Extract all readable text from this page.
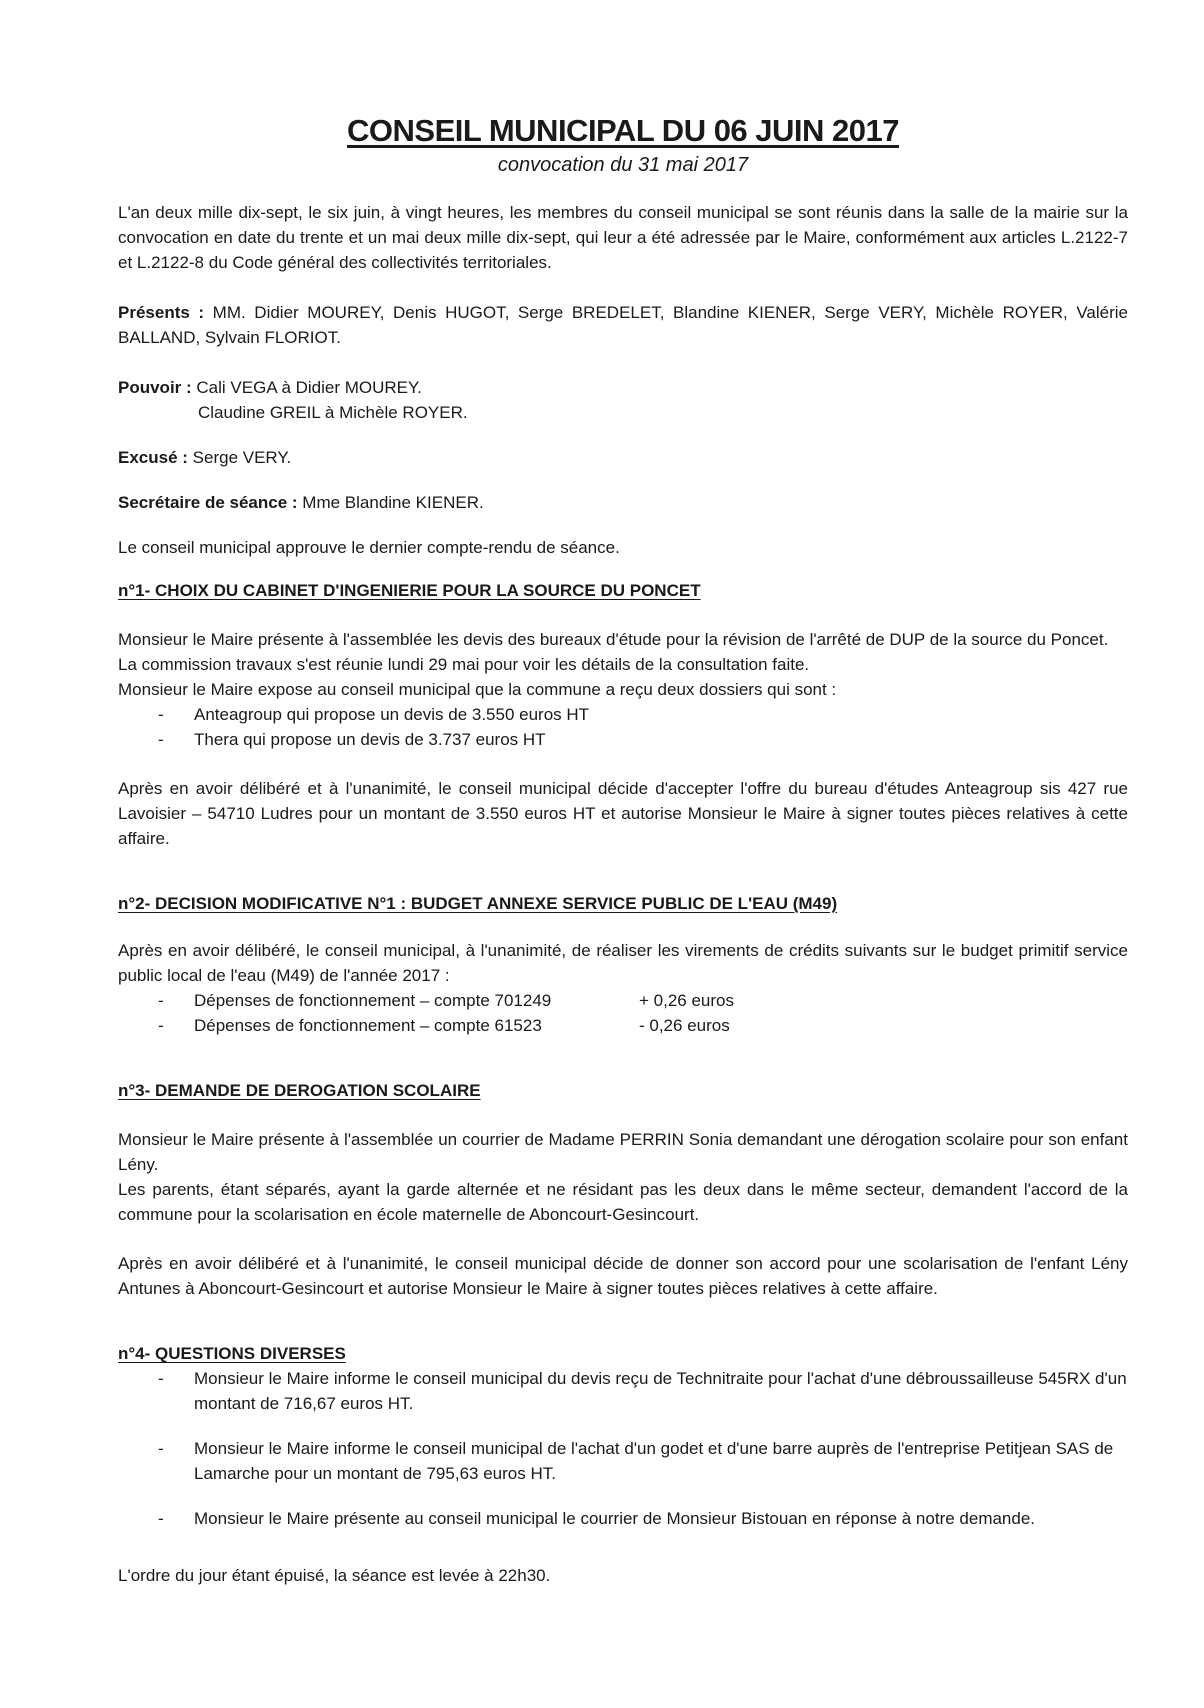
CONSEIL MUNICIPAL DU 06 JUIN 2017
convocation du 31 mai 2017

L'an deux mille dix-sept, le six juin, à vingt heures, les membres du conseil municipal se sont réunis dans la salle de la mairie sur la convocation en date du trente et un mai deux mille dix-sept, qui leur a été adressée par le Maire, conformément aux articles L.2122-7 et L.2122-8 du Code général des collectivités territoriales.

Présents : MM. Didier MOUREY, Denis HUGOT, Serge BREDELET, Blandine KIENER, Serge VERY, Michèle ROYER, Valérie BALLAND, Sylvain FLORIOT.

Pouvoir : Cali VEGA à Didier MOUREY.
Claudine GREIL à Michèle ROYER.

Excusé : Serge VERY.

Secrétaire de séance : Mme Blandine KIENER.

Le conseil municipal approuve le dernier compte-rendu de séance.

n°1- CHOIX DU CABINET D'INGENIERIE POUR LA SOURCE DU PONCET

Monsieur le Maire présente à l'assemblée les devis des bureaux d'étude pour la révision de l'arrêté de DUP de la source du Poncet.

La commission travaux s'est réunie lundi 29 mai pour voir les détails de la consultation faite.

Monsieur le Maire expose au conseil municipal que la commune a reçu deux dossiers qui sont :

- Anteagroup qui propose un devis de 3.550 euros HT
- Thera qui propose un devis de 3.737 euros HT

Après en avoir délibéré et à l'unanimité, le conseil municipal décide d'accepter l'offre du bureau d'études Anteagroup sis 427 rue Lavoisier – 54710 Ludres pour un montant de 3.550 euros HT et autorise Monsieur le Maire à signer toutes pièces relatives à cette affaire.

n°2- DECISION MODIFICATIVE N°1 : BUDGET ANNEXE SERVICE PUBLIC DE L'EAU (M49)

Après en avoir délibéré, le conseil municipal, à l'unanimité, de réaliser les virements de crédits suivants sur le budget primitif service public local de l'eau (M49) de l'année 2017 :

- Dépenses de fonctionnement – compte 701249	+ 0,26 euros
- Dépenses de fonctionnement – compte 61523	- 0,26 euros
n°3- DEMANDE DE DEROGATION SCOLAIRE

Monsieur le Maire présente à l'assemblée un courrier de Madame PERRIN Sonia demandant une dérogation scolaire pour son enfant Lény.

Les parents, étant séparés, ayant la garde alternée et ne résidant pas les deux dans le même secteur, demandent l'accord de la commune pour la scolarisation en école maternelle de Aboncourt-Gesincourt.

Après en avoir délibéré et à l'unanimité, le conseil municipal décide de donner son accord pour une scolarisation de l'enfant Lény Antunes à Aboncourt-Gesincourt et autorise Monsieur le Maire à signer toutes pièces relatives à cette affaire.

n°4- QUESTIONS DIVERSES
- Monsieur le Maire informe le conseil municipal du devis reçu de Technitraite pour l'achat d'une débroussailleuse 545RX d'un montant de 716,67 euros HT.
- Monsieur le Maire informe le conseil municipal de l'achat d'un godet et d'une barre auprès de l'entreprise Petitjean SAS de Lamarche pour un montant de 795,63 euros HT.
- Monsieur le Maire présente au conseil municipal le courrier de Monsieur Bistouan en réponse à notre demande.

L'ordre du jour étant épuisé, la séance est levée à 22h30.
